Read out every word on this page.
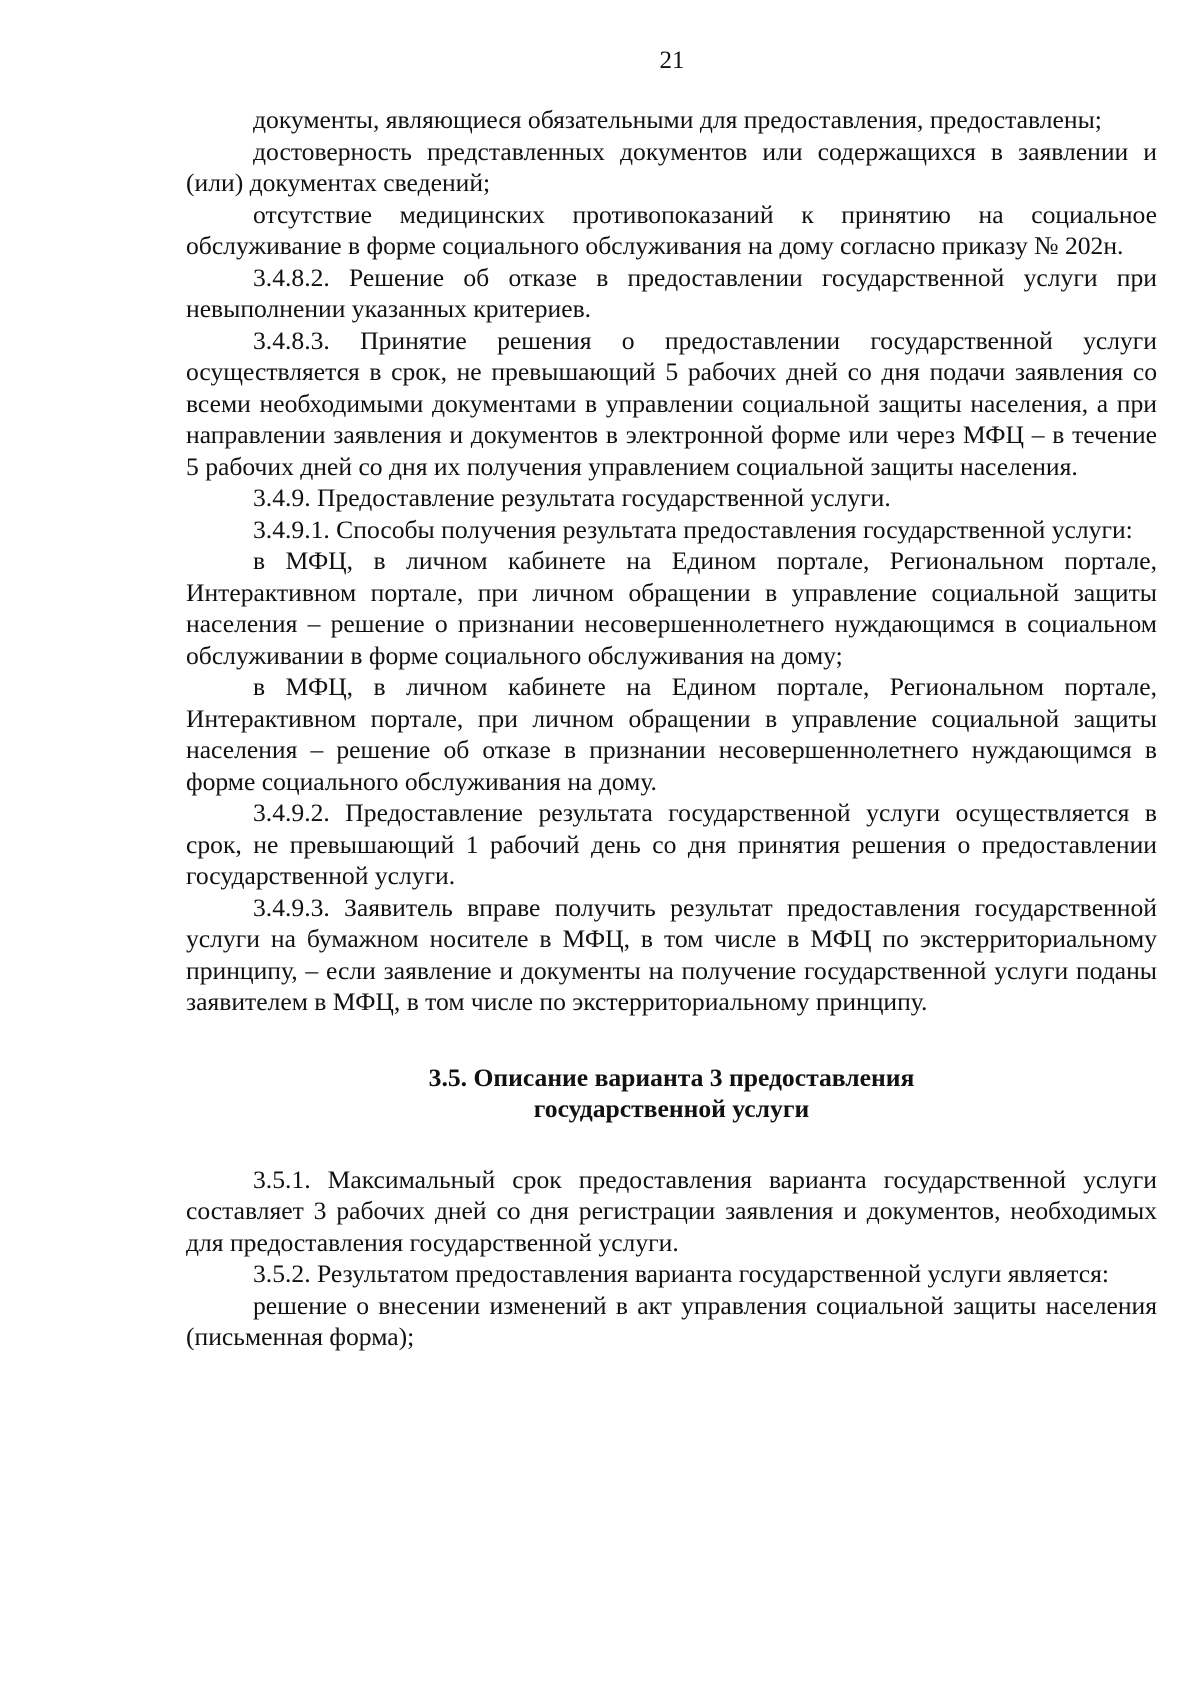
21

документы, являющиеся обязательными для предоставления, предоставлены;

достоверность представленных документов или содержащихся в заявлении и (или) документах сведений;

отсутствие медицинских противопоказаний к принятию на социальное обслуживание в форме социального обслуживания на дому согласно приказу № 202н.

3.4.8.2. Решение об отказе в предоставлении государственной услуги при невыполнении указанных критериев.

3.4.8.3. Принятие решения о предоставлении государственной услуги осуществляется в срок, не превышающий 5 рабочих дней со дня подачи заявления со всеми необходимыми документами в управлении социальной защиты населения, а при направлении заявления и документов в электронной форме или через МФЦ – в течение 5 рабочих дней со дня их получения управлением социальной защиты населения.

3.4.9. Предоставление результата государственной услуги.

3.4.9.1. Способы получения результата предоставления государственной услуги:

в МФЦ, в личном кабинете на Едином портале, Региональном портале, Интерактивном портале, при личном обращении в управление социальной защиты населения – решение о признании несовершеннолетнего нуждающимся в социальном обслуживании в форме социального обслуживания на дому;

в МФЦ, в личном кабинете на Едином портале, Региональном портале, Интерактивном портале, при личном обращении в управление социальной защиты населения – решение об отказе в признании несовершеннолетнего нуждающимся в форме социального обслуживания на дому.

3.4.9.2. Предоставление результата государственной услуги осуществляется в срок, не превышающий 1 рабочий день со дня принятия решения о предоставлении государственной услуги.

3.4.9.3. Заявитель вправе получить результат предоставления государственной услуги на бумажном носителе в МФЦ, в том числе в МФЦ по экстерриториальному принципу, – если заявление и документы на получение государственной услуги поданы заявителем в МФЦ, в том числе по экстерриториальному принципу.

3.5. Описание варианта 3 предоставления
государственной услуги

3.5.1. Максимальный срок предоставления варианта государственной услуги составляет 3 рабочих дней со дня регистрации заявления и документов, необходимых для предоставления государственной услуги.

3.5.2. Результатом предоставления варианта государственной услуги является:

решение о внесении изменений в акт управления социальной защиты населения (письменная форма);
